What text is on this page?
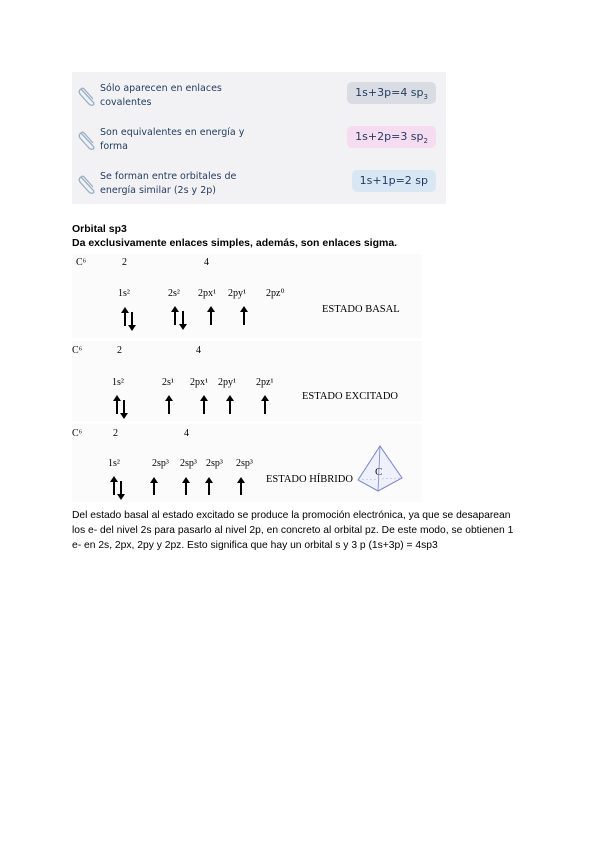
Sólo aparecen en enlaces covalentes
1s+3p=4 $sp_3$
Son equivalentes en energía y forma
1s+2p=3 $sp_2$
Se forman entre orbitales de energía similar (2s y 2p)
1s+1p=2 sp
Orbital sp3
Da exclusivamente enlaces simples, además, son enlaces sigma.
C⁶	2	4
1s²	2s² 2px¹ 2py¹ 2pz⁰
ESTADO BASAL
C⁶	2	4
1s²	2s¹ 2px¹ 2py¹ 2pz¹
ESTADO EXCITADO
C⁶	2	4
1s²	2sp³ 2sp³ 2sp³ 2sp³
ESTADO HÍBRIDO
C
Del estado basal al estado excitado se produce la promoción electrónica, ya que se desaparean los e- del nivel 2s para pasarlo al nivel 2p, en concreto al orbital pz. De este modo, se obtienen 1 e- en 2s, 2px, 2py y 2pz. Esto significa que hay un orbital s y 3 p (1s+3p) = 4sp3
